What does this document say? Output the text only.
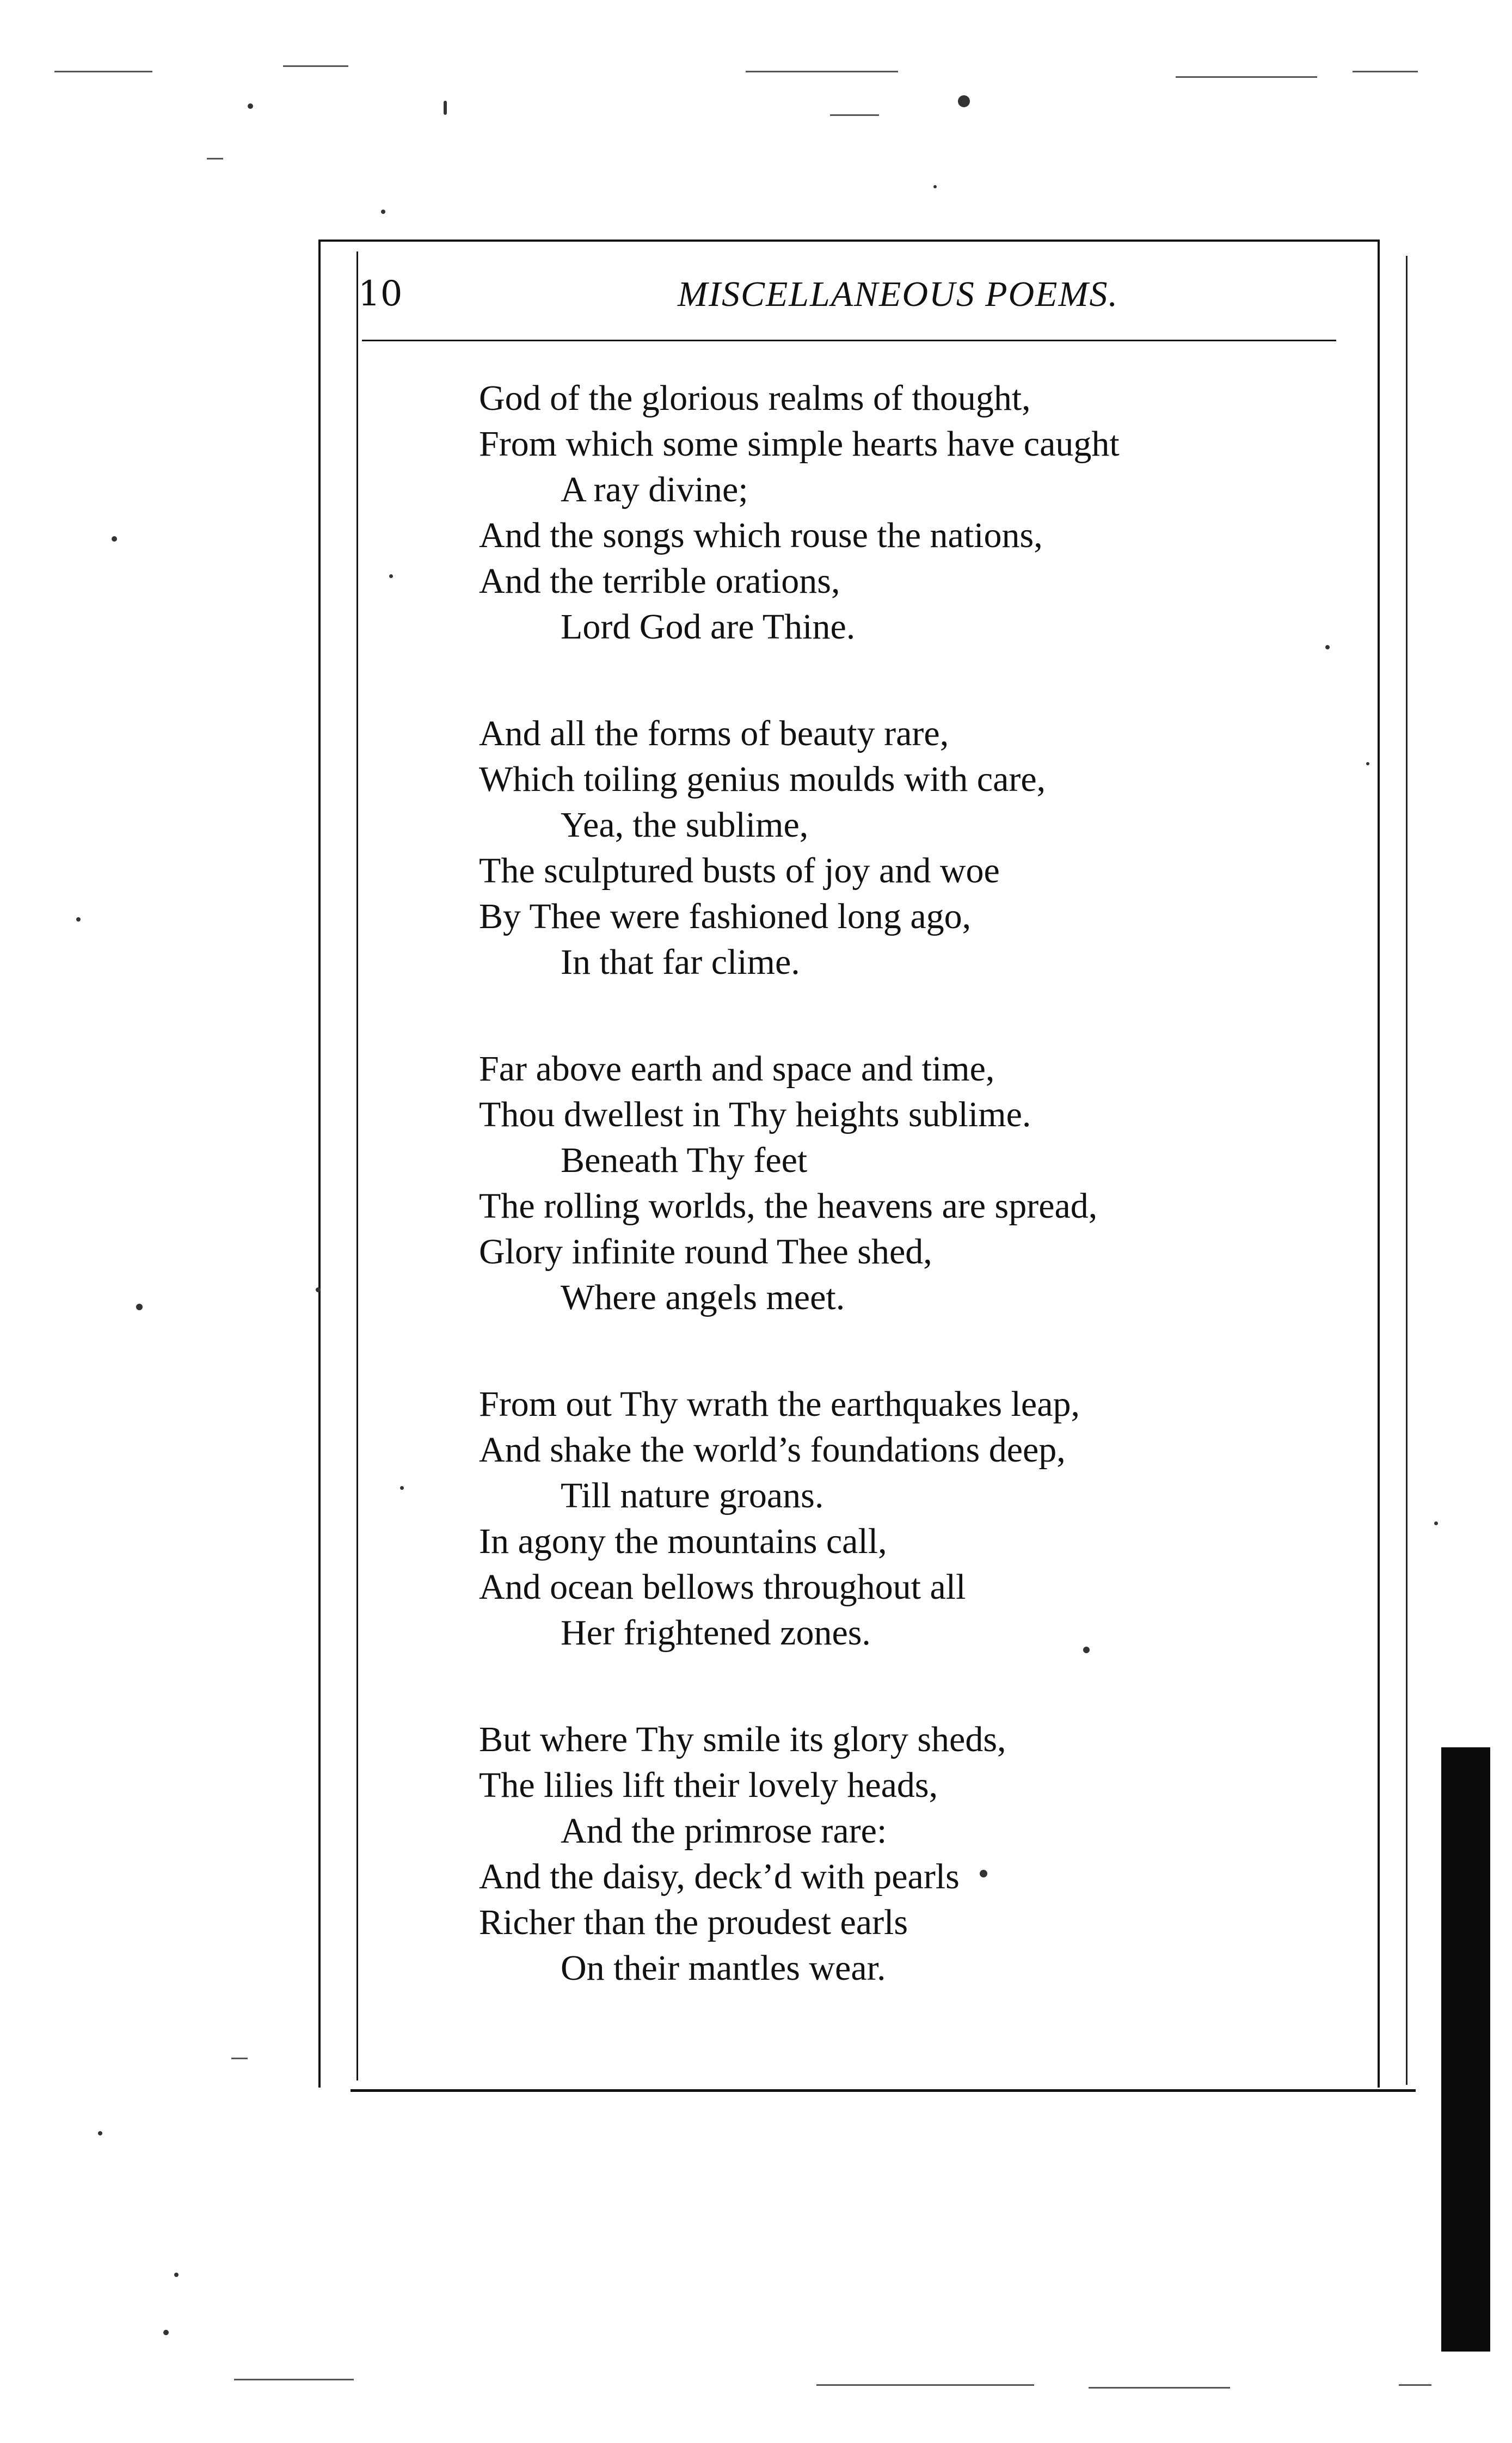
10	MISCELLANEOUS POEMS.
God of the glorious realms of thought,
From which some simple hearts have caught
A ray divine;
And the songs which rouse the nations,
And the terrible orations,
Lord God are Thine.
And all the forms of beauty rare,
Which toiling genius moulds with care,
Yea, the sublime,
The sculptured busts of joy and woe
By Thee were fashioned long ago,
In that far clime.
Far above earth and space and time,
Thou dwellest in Thy heights sublime.
Beneath Thy feet
The rolling worlds, the heavens are spread,
Glory infinite round Thee shed,
Where angels meet.
From out Thy wrath the earthquakes leap,
And shake the world’s foundations deep,
Till nature groans.
In agony the mountains call,
And ocean bellows throughout all
Her frightened zones.
But where Thy smile its glory sheds,
The lilies lift their lovely heads,
And the primrose rare:
And the daisy, deck’d with pearls
Richer than the proudest earls
On their mantles wear.
